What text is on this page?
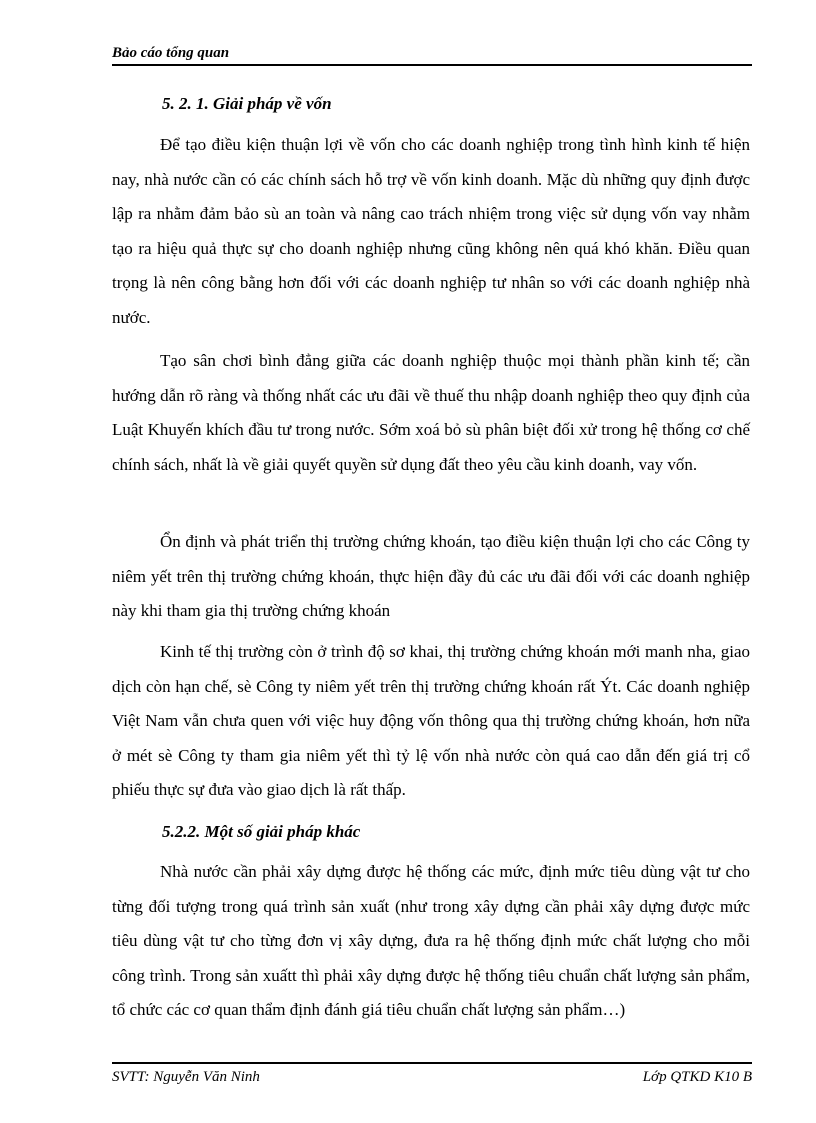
Bảo cáo tổng quan
5. 2. 1. Giải pháp về vốn

Để tạo điều kiện thuận lợi về vốn cho các doanh nghiệp trong tình hình kinh tế hiện nay, nhà nước cần có các chính sách hỗ trợ về vốn kinh doanh. Mặc dù những quy định được lập ra nhằm đảm bảo sù an toàn và nâng cao trách nhiệm trong việc sử dụng vốn vay nhằm tạo ra hiệu quả thực sự cho doanh nghiệp nhưng cũng không nên quá khó khăn. Điều quan trọng là nên công bằng hơn đối với các doanh nghiệp tư nhân so với các doanh nghiệp nhà nước.

Tạo sân chơi bình đẳng giữa các doanh nghiệp thuộc mọi thành phần kinh tế; cần hướng dẫn rõ ràng và thống nhất các ưu đãi về thuế thu nhập doanh nghiệp theo quy định của Luật Khuyến khích đầu tư trong nước. Sớm xoá bỏ sù phân biệt đối xử trong hệ thống cơ chế chính sách, nhất là về giải quyết quyền sử dụng đất theo yêu cầu kinh doanh, vay vốn.

Ổn định và phát triển thị trường chứng khoán, tạo điều kiện thuận lợi cho các Công ty niêm yết trên thị trường chứng khoán, thực hiện đầy đủ các ưu đãi đối với các doanh nghiệp này khi tham gia thị trường chứng khoán

Kinh tế thị trường còn ở trình độ sơ khai, thị trường chứng khoán mới manh nha, giao dịch còn hạn chế, sè Công ty niêm yết trên thị trường chứng khoán rất Ýt. Các doanh nghiệp Việt Nam vẫn chưa quen với việc huy động vốn thông qua thị trường chứng khoán, hơn nữa ở mét sè Công ty tham gia niêm yết thì tỷ lệ vốn nhà nước còn quá cao dẫn đến giá trị cổ phiếu thực sự đưa vào giao dịch là rất thấp.

5.2.2. Một số giải pháp khác

Nhà nước cần phải xây dựng được hệ thống các mức, định mức tiêu dùng vật tư cho từng đối tượng trong quá trình sản xuất (như trong xây dựng cần phải xây dựng được mức tiêu dùng vật tư cho từng đơn vị xây dựng, đưa ra hệ thống định mức chất lượng cho mỗi công trình. Trong sản xuấtt thì phải xây dựng được hệ thống tiêu chuẩn chất lượng sản phẩm, tổ chức các cơ quan thẩm định đánh giá tiêu chuẩn chất lượng sản phẩm…)

SVTT: Nguyễn Văn Ninh	Lớp QTKD K10 B
